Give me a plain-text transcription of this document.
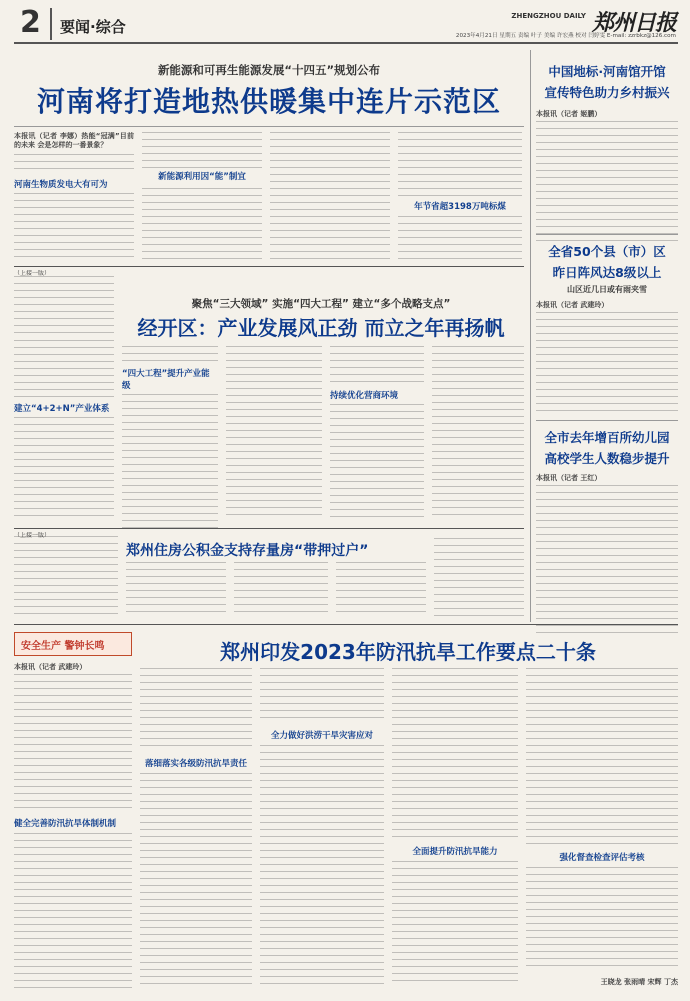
2 要闻·综合
ZHENGZHOU DAILY 郑州日报
2023年4月21日 星期五 责编 叶子 美编 许宏燕 校对 闫婷雯 E-mail: zzrbkz@126.com
新能源和可再生能源发展“十四五”规划公布
河南将打造地热供暖集中连片示范区
本报讯（记者 李娜）热能“冠满”目前的未来 会是怎样的一番景象？
河南生物质发电大有可为
新能源利用因“能”制宜
年节省超3198万吨标煤
聚焦“三大领域” 实施“四大工程” 建立“多个战略支点”
经开区：产业发展风正劲 而立之年再扬帆
建立“4+2+N”产业体系
“四大工程”提升产业能级
持续优化营商环境
（上接一版）
（上接一版）
郑州住房公积金支持存量房“带押过户”
安全生产 警钟长鸣	郑州印发2023年防汛抗旱工作要点二十条
本报讯（记者 武建玲）
健全完善防汛抗旱体制机制
落细落实各级防汛抗旱责任
全力做好洪涝干旱灾害应对
全面提升防汛抗旱能力
强化督查检查评估考核
王晓龙 张雨晴 宋辉 丁杰
中国地标·河南馆开馆
宣传特色助力乡村振兴
本报讯（记者 姬鹏）
全省50个县（市）区
昨日阵风达8级以上
山区近几日或有雨夹雪
本报讯（记者 武建玲）
全市去年增百所幼儿园
高校学生人数稳步提升
本报讯（记者 王红）
